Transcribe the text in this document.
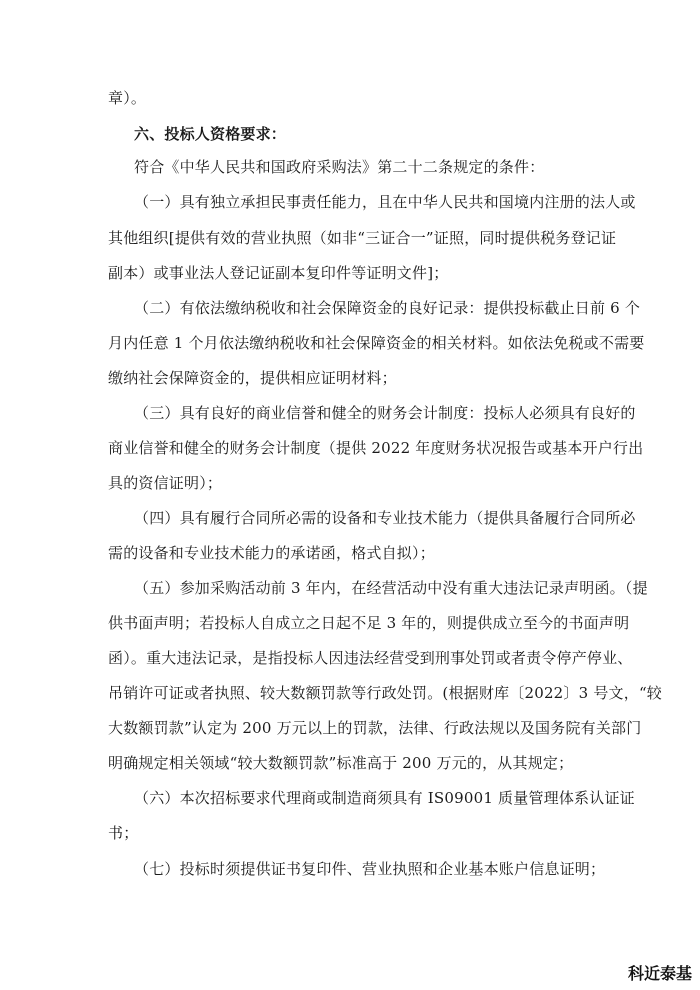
章）。
六、投标人资格要求：
符合《中华人民共和国政府采购法》第二十二条规定的条件：
（一）具有独立承担民事责任能力，且在中华人民共和国境内注册的法人或
其他组织[提供有效的营业执照（如非“三证合一”证照，同时提供税务登记证
副本）或事业法人登记证副本复印件等证明文件]；
（二）有依法缴纳税收和社会保障资金的良好记录：提供投标截止日前 6 个
月内任意 1 个月依法缴纳税收和社会保障资金的相关材料。如依法免税或不需要
缴纳社会保障资金的，提供相应证明材料；
（三）具有良好的商业信誉和健全的财务会计制度：投标人必须具有良好的
商业信誉和健全的财务会计制度（提供 2022 年度财务状况报告或基本开户行出
具的资信证明）；
（四）具有履行合同所必需的设备和专业技术能力（提供具备履行合同所必
需的设备和专业技术能力的承诺函，格式自拟）；
（五）参加采购活动前 3 年内，在经营活动中没有重大违法记录声明函。（提
供书面声明；若投标人自成立之日起不足 3 年的，则提供成立至今的书面声明
函）。重大违法记录，是指投标人因违法经营受到刑事处罚或者责令停产停业、
吊销许可证或者执照、较大数额罚款等行政处罚。(根据财库〔2022〕3 号文，“较
大数额罚款”认定为 200 万元以上的罚款，法律、行政法规以及国务院有关部门
明确规定相关领域“较大数额罚款”标准高于 200 万元的，从其规定；
（六）本次招标要求代理商或制造商须具有 IS09001 质量管理体系认证证
书；
（七）投标时须提供证书复印件、营业执照和企业基本账户信息证明；
科近泰基
